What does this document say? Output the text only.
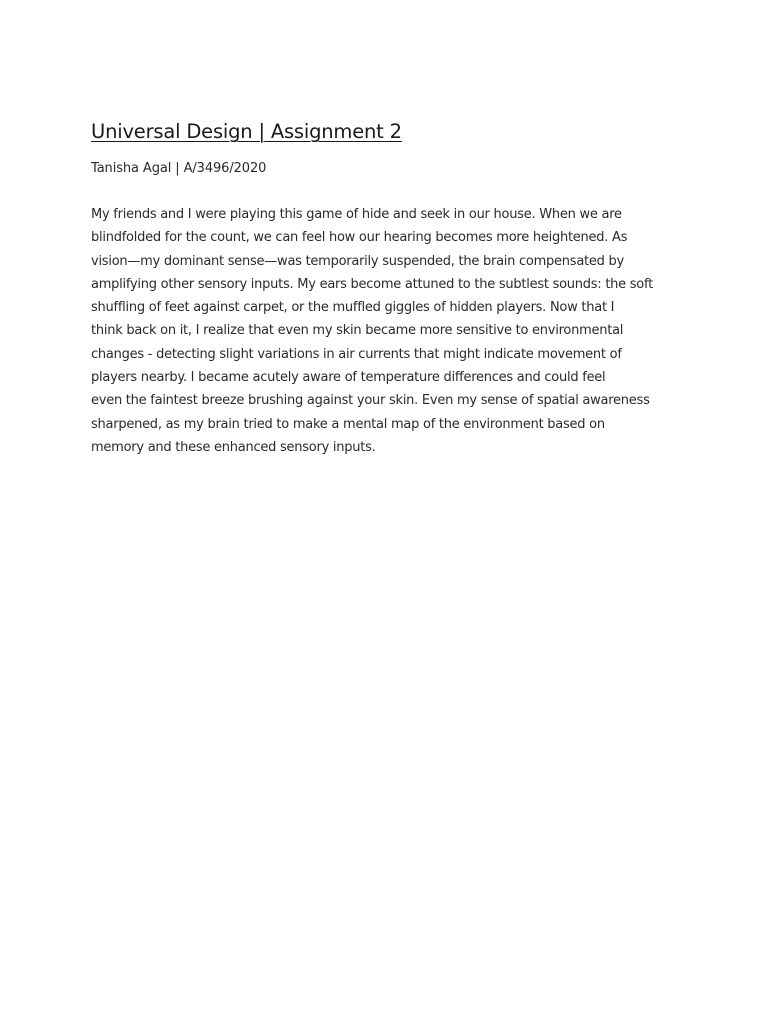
Universal Design | Assignment 2

Tanisha Agal | A/3496/2020

My friends and I were playing this game of hide and seek in our house. When we are
blindfolded for the count, we can feel how our hearing becomes more heightened. As
vision—my dominant sense—was temporarily suspended, the brain compensated by
amplifying other sensory inputs. My ears become attuned to the subtlest sounds: the soft
shuffling of feet against carpet, or the muffled giggles of hidden players. Now that I
think back on it, I realize that even my skin became more sensitive to environmental
changes - detecting slight variations in air currents that might indicate movement of
players nearby. I became acutely aware of temperature differences and could feel
even the faintest breeze brushing against your skin. Even my sense of spatial awareness
sharpened, as my brain tried to make a mental map of the environment based on
memory and these enhanced sensory inputs.
